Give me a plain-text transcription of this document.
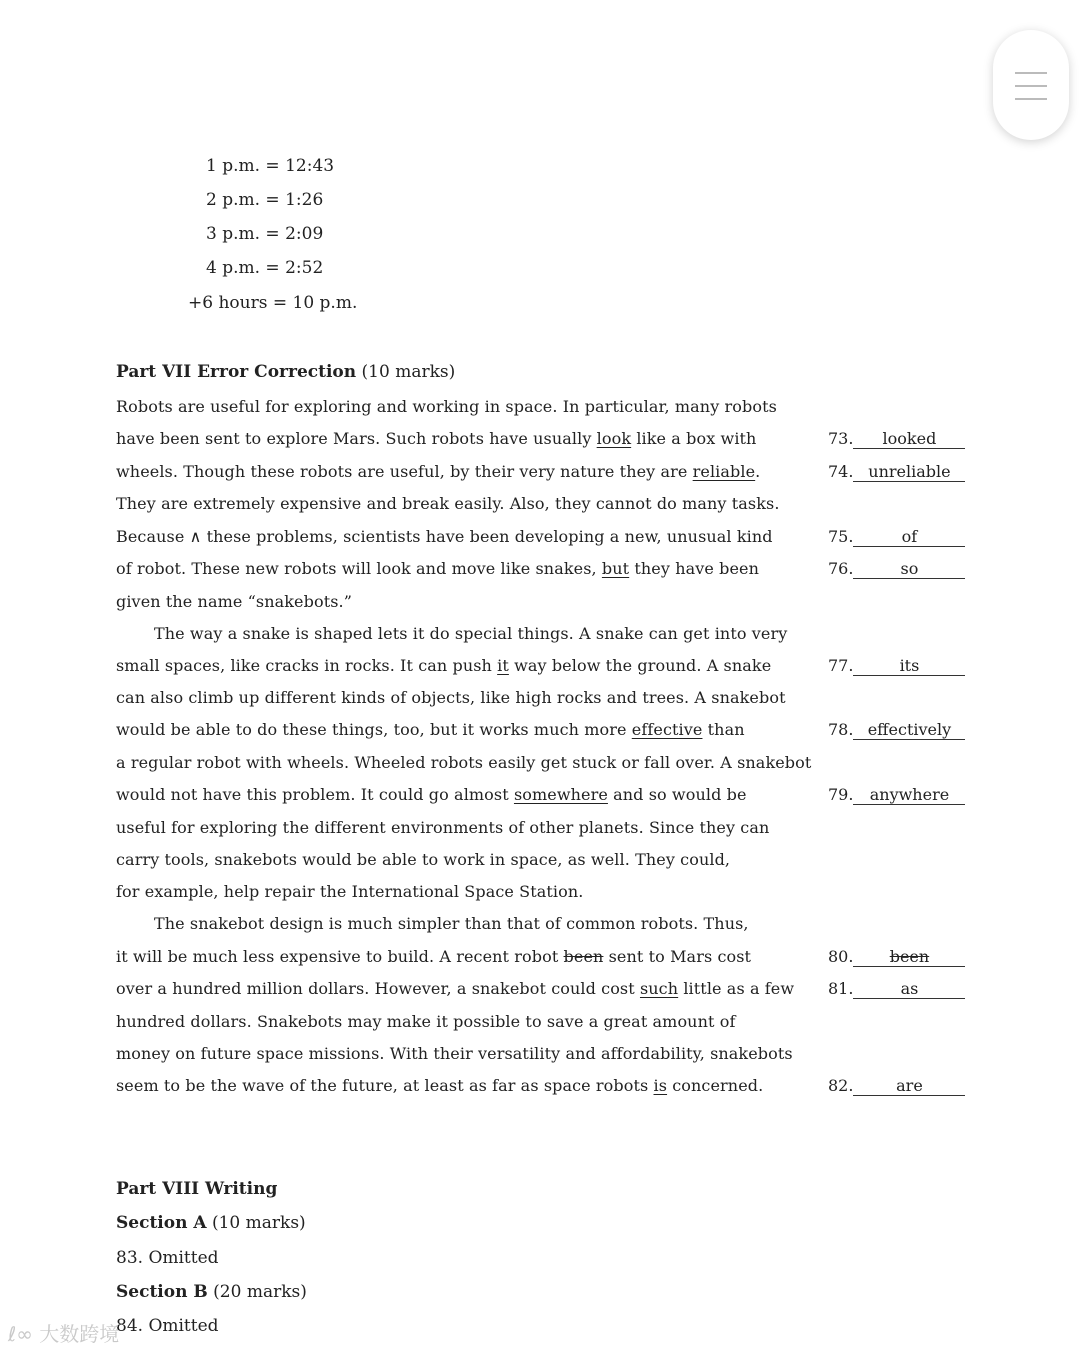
1 p.m. = 12:43
2 p.m. = 1:26
3 p.m. = 2:09
4 p.m. = 2:52
+6 hours = 10 p.m.
Part VII Error Correction (10 marks)
Robots are useful for exploring and working in space. In particular, many robots
have been sent to explore Mars. Such robots have usually look like a box with
wheels. Though these robots are useful, by their very nature they are reliable.
They are extremely expensive and break easily. Also, they cannot do many tasks.
Because ∧ these problems, scientists have been developing a new, unusual kind
of robot. These new robots will look and move like snakes, but they have been
given the name “snakebots.”
The way a snake is shaped lets it do special things. A snake can get into very
small spaces, like cracks in rocks. It can push it way below the ground. A snake
can also climb up different kinds of objects, like high rocks and trees. A snakebot
would be able to do these things, too, but it works much more effective than
a regular robot with wheels. Wheeled robots easily get stuck or fall over. A snakebot
would not have this problem. It could go almost somewhere and so would be
useful for exploring the different environments of other planets. Since they can
carry tools, snakebots would be able to work in space, as well. They could,
for example, help repair the International Space Station.
The snakebot design is much simpler than that of common robots. Thus,
it will be much less expensive to build. A recent robot been sent to Mars cost
over a hundred million dollars. However, a snakebot could cost such little as a few
hundred dollars. Snakebots may make it possible to save a great amount of
money on future space missions. With their versatility and affordability, snakebots
seem to be the wave of the future, at least as far as space robots is concerned.
73. looked
74. unreliable
75.	of
76.	so
77.	its
78. effectively
79. anywhere
80. been
81.	as
82.	are
Part VIII Writing
Section A (10 marks)
83. Omitted
Section B (20 marks)
84. Omitted
ℓ∞ 大数跨境
